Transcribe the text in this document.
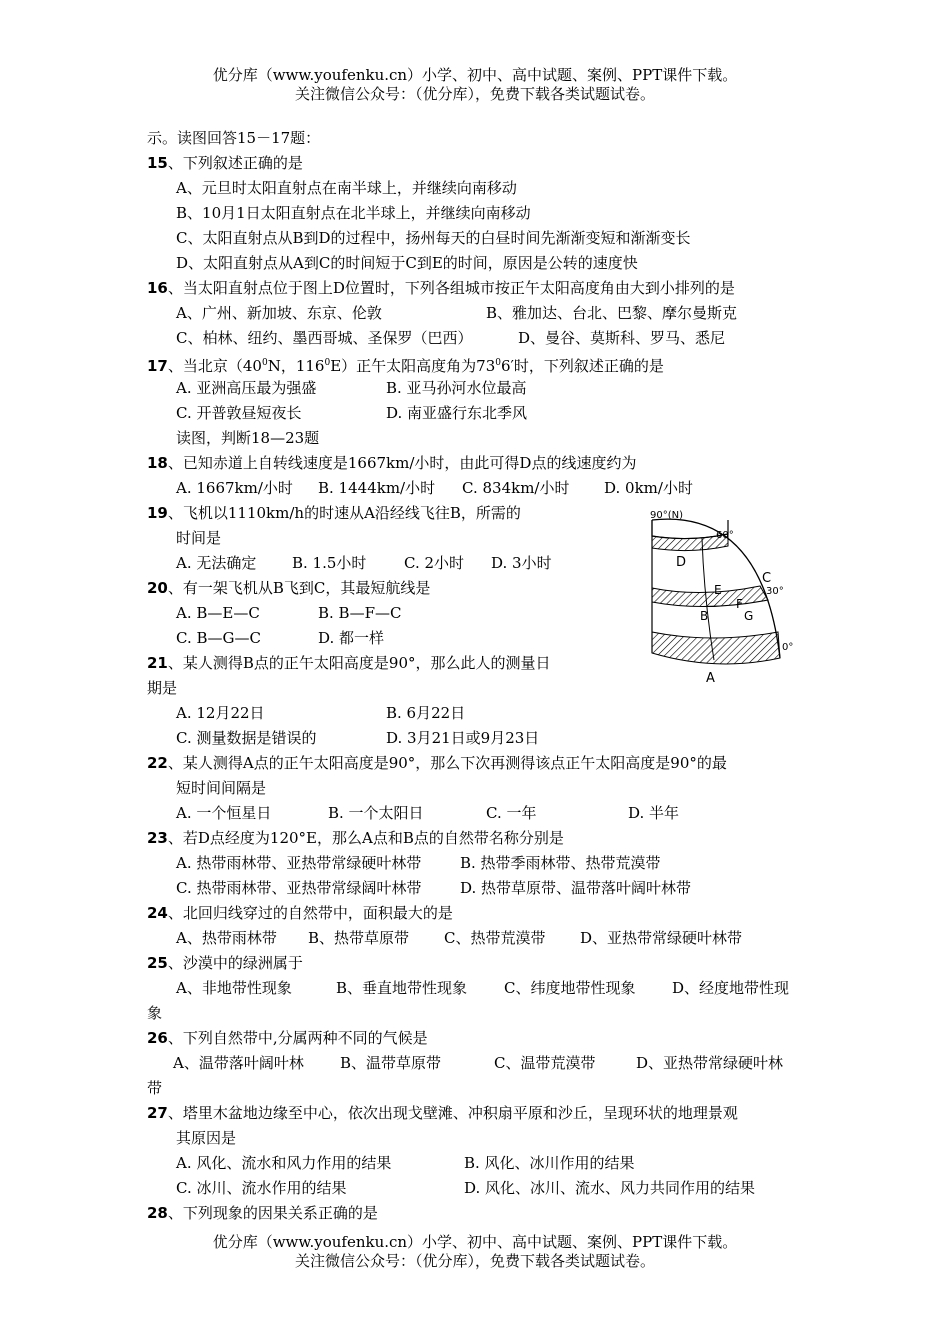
优分库（www.youfenku.cn）小学、初中、高中试题、案例、PPT课件下载。
关注微信公众号：（优分库），免费下载各类试题试卷。
示。读图回答15－17题：
15、下列叙述正确的是
A、元旦时太阳直射点在南半球上，并继续向南移动
B、10月1日太阳直射点在北半球上，并继续向南移动
C、太阳直射点从B到D的过程中，扬州每天的白昼时间先渐渐变短和渐渐变长
D、太阳直射点从A到C的时间短于C到E的时间，原因是公转的速度快
16、当太阳直射点位于图上D位置时，下列各组城市按正午太阳高度角由大到小排列的是
A、广州、新加坡、东京、伦敦	B、雅加达、台北、巴黎、摩尔曼斯克
C、柏林、纽约、墨西哥城、圣保罗（巴西）	D、曼谷、莫斯科、罗马、悉尼
17、当北京（$40^0N$，$116^0E$）正午太阳高度角为$73^06'$时，下列叙述正确的是
A. 亚洲高压最为强盛	B. 亚马孙河水位最高
C. 开普敦昼短夜长	D. 南亚盛行东北季风
读图，判断18—23题
18、已知赤道上自转线速度是1667km/小时，由此可得D点的线速度约为
A. 1667km/小时 B. 1444km/小时 C. 834km/小时 D. 0km/小时
19、飞机以1110km/h的时速从A沿经线飞往B，所需的
时间是
A. 无法确定 B. 1.5小时	C. 2小时 D. 3小时
20、有一架飞机从B飞到C，其最短航线是
A. B—E—C	B. B—F—C
C. B—G—C	D. 都一样
21、某人测得B点的正午太阳高度是90°，那么此人的测量日
期是
A. 12月22日	B. 6月22日
C. 测量数据是错误的	D. 3月21日或9月23日
22、某人测得A点的正午太阳高度是90°，那么下次再测得该点正午太阳高度是90°的最
短时间间隔是
A. 一个恒星日	B. 一个太阳日	C. 一年	D. 半年
23、若D点经度为120°E，那么A点和B点的自然带名称分别是
A. 热带雨林带、亚热带常绿硬叶林带	B. 热带季雨林带、热带荒漠带
C. 热带雨林带、亚热带常绿阔叶林带	D. 热带草原带、温带落叶阔叶林带
24、北回归线穿过的自然带中，面积最大的是
A、热带雨林带 B、热带草原带 C、热带荒漠带 D、亚热带常绿硬叶林带
25、沙漠中的绿洲属于
A、非地带性现象	B、垂直地带性现象 C、纬度地带性现象 D、经度地带性现
象
26、下列自然带中,分属两种不同的气候是
A、温带落叶阔叶林 B、温带草原带	C、温带荒漠带	D、亚热带常绿硬叶林
带
27、塔里木盆地边缘至中心，依次出现戈壁滩、冲积扇平原和沙丘，呈现环状的地理景观
其原因是
A. 风化、流水和风力作用的结果	B. 风化、冰川作用的结果
C. 冰川、流水作用的结果	D. 风化、冰川、流水、风力共同作用的结果
28、下列现象的因果关系正确的是
优分库（www.youfenku.cn）小学、初中、高中试题、案例、PPT课件下载。
关注微信公众号：（优分库），免费下载各类试题试卷。
90°(N)
60°
30°
0°
D
C
E
F
G
B
A
